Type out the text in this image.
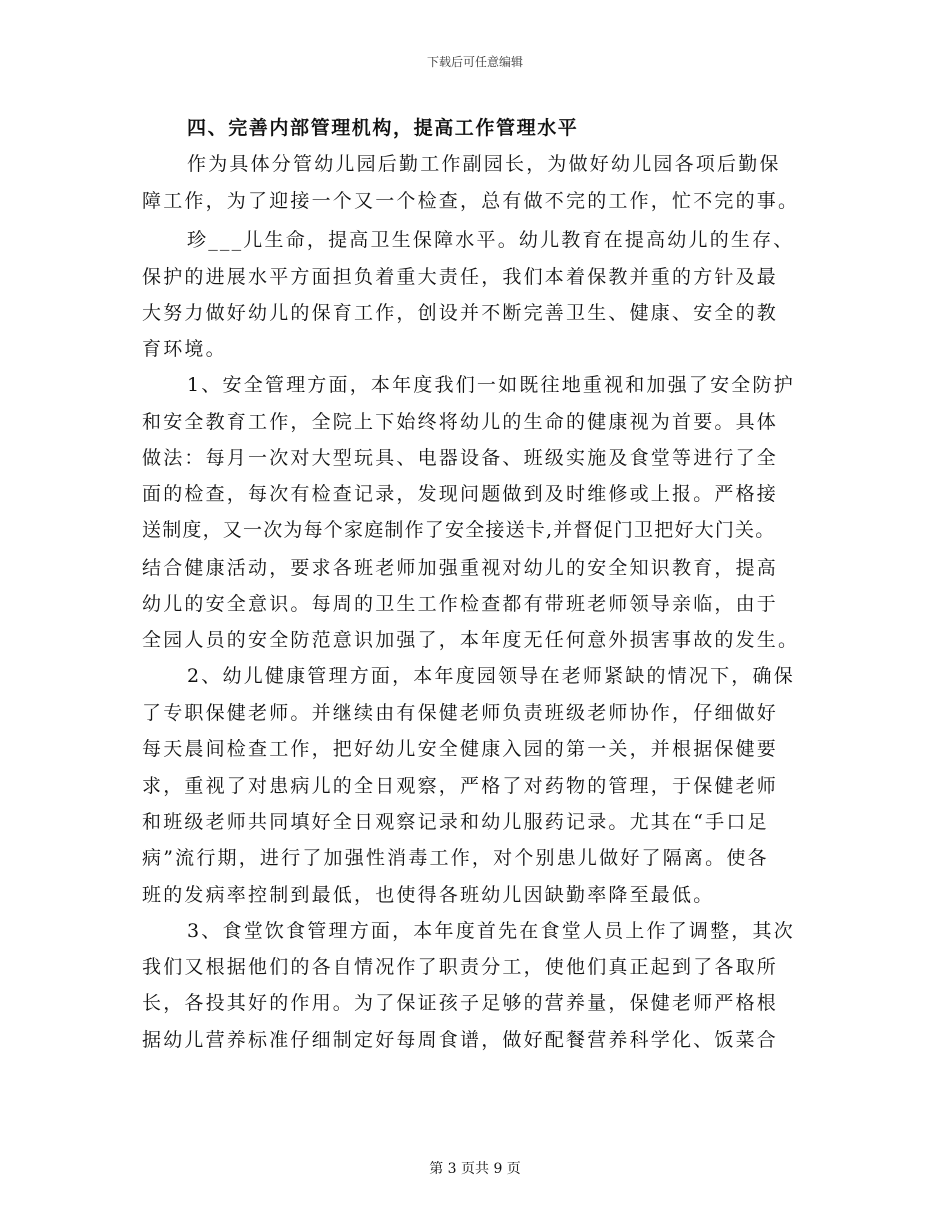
下载后可任意编辑
四、完善内部管理机构，提高工作管理水平
作为具体分管幼儿园后勤工作副园长，为做好幼儿园各项后勤保
障工作，为了迎接一个又一个检查，总有做不完的工作，忙不完的事。
珍___儿生命，提高卫生保障水平。幼儿教育在提高幼儿的生存、
保护的进展水平方面担负着重大责任，我们本着保教并重的方针及最
大努力做好幼儿的保育工作，创设并不断完善卫生、健康、安全的教
育环境。
1、安全管理方面，本年度我们一如既往地重视和加强了安全防护
和安全教育工作，全院上下始终将幼儿的生命的健康视为首要。具体
做法：每月一次对大型玩具、电器设备、班级实施及食堂等进行了全
面的检查，每次有检查记录，发现问题做到及时维修或上报。严格接
送制度，又一次为每个家庭制作了安全接送卡,并督促门卫把好大门关。
结合健康活动，要求各班老师加强重视对幼儿的安全知识教育，提高
幼儿的安全意识。每周的卫生工作检查都有带班老师领导亲临，由于
全园人员的安全防范意识加强了，本年度无任何意外损害事故的发生。
2、幼儿健康管理方面，本年度园领导在老师紧缺的情况下，确保
了专职保健老师。并继续由有保健老师负责班级老师协作，仔细做好
每天晨间检查工作，把好幼儿安全健康入园的第一关，并根据保健要
求，重视了对患病儿的全日观察，严格了对药物的管理，于保健老师
和班级老师共同填好全日观察记录和幼儿服药记录。尤其在“手口足
病”流行期，进行了加强性消毒工作，对个别患儿做好了隔离。使各
班的发病率控制到最低，也使得各班幼儿因缺勤率降至最低。
3、食堂饮食管理方面，本年度首先在食堂人员上作了调整，其次
我们又根据他们的各自情况作了职责分工，使他们真正起到了各取所
长，各投其好的作用。为了保证孩子足够的营养量，保健老师严格根
据幼儿营养标准仔细制定好每周食谱，做好配餐营养科学化、饭菜合
第 3 页共 9 页
